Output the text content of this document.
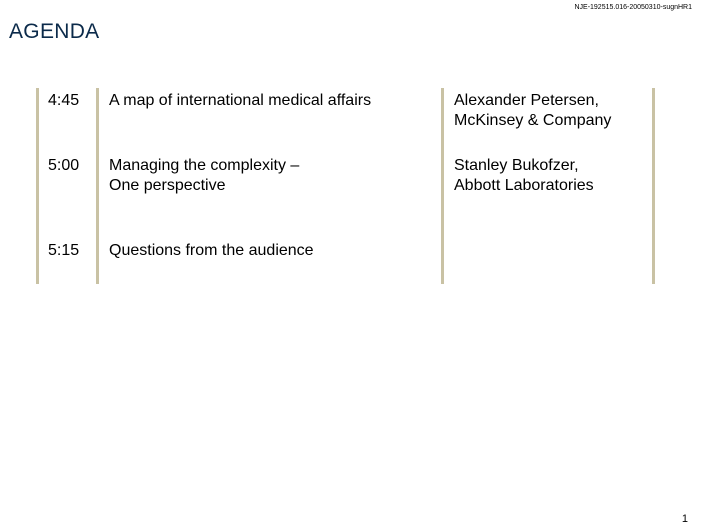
NJE-192515.016-20050310-sugnHR1
AGENDA
4:45 A map of international medical affairs	Alexander Petersen,
McKinsey & Company
5:00 Managing the complexity –
One perspective
Stanley Bukofzer,
Abbott Laboratories
5:15 Questions from the audience
1
